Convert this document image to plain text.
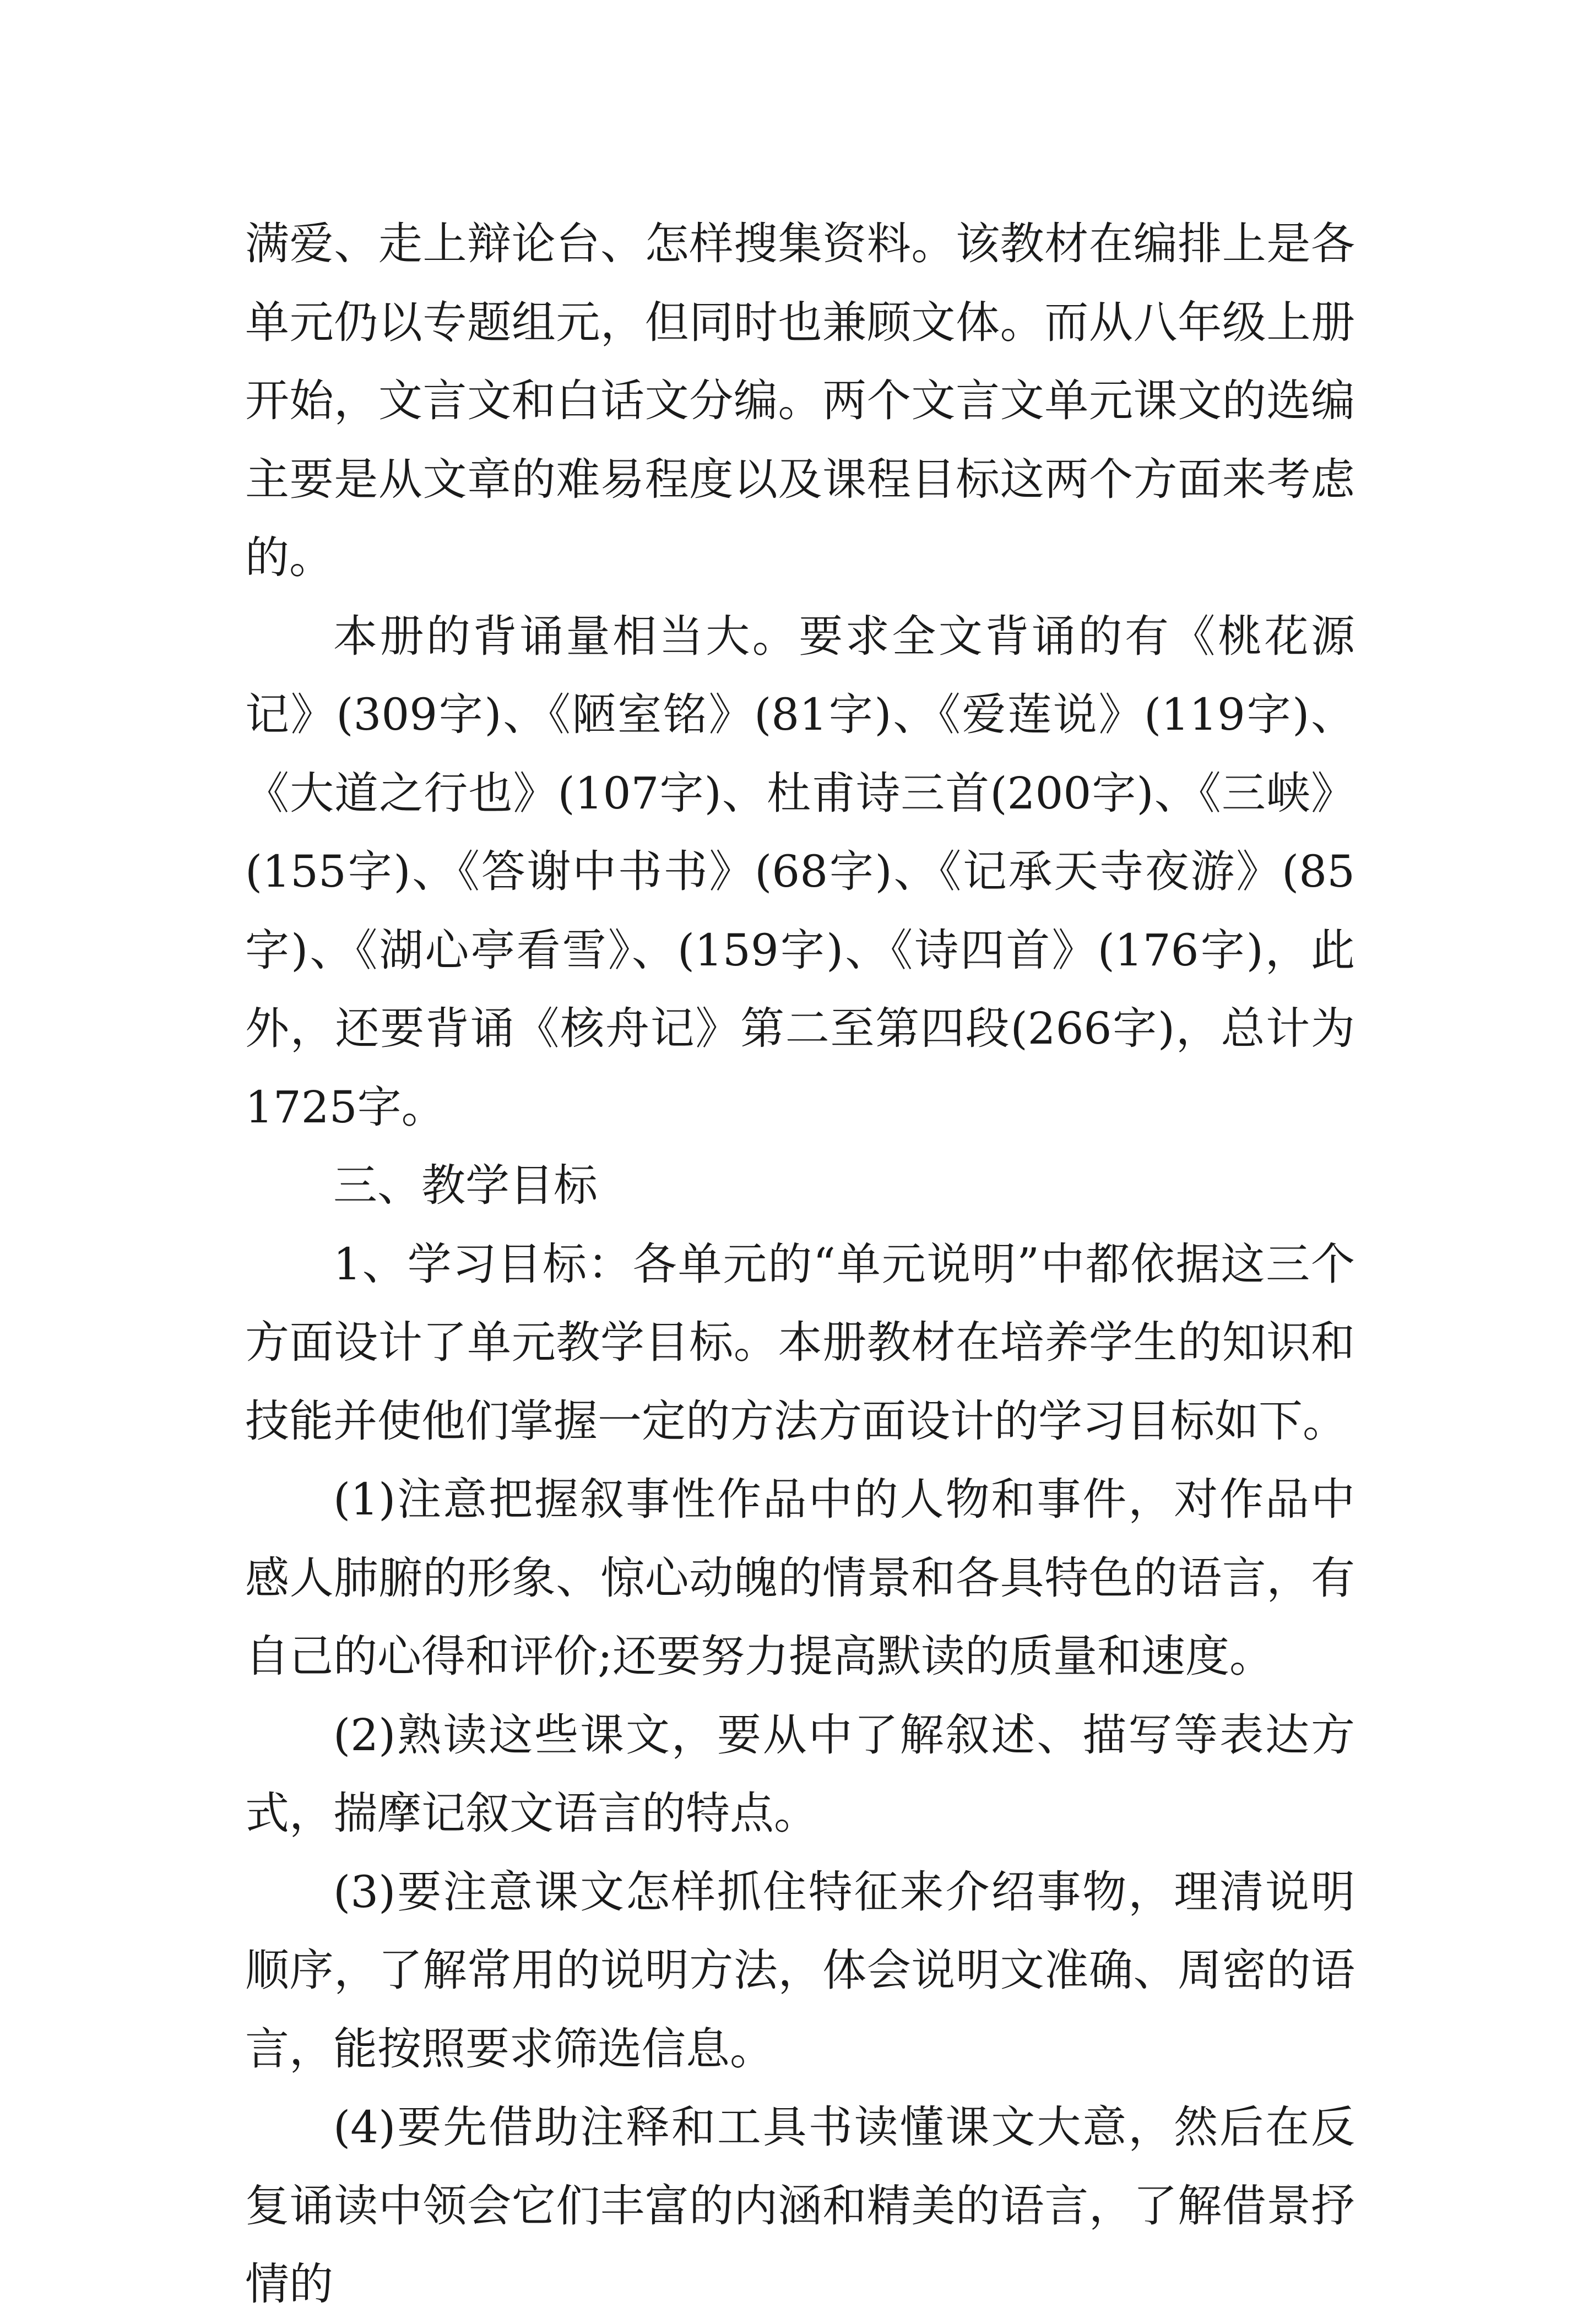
满爱、走上辩论台、怎样搜集资料。该教材在编排上是各单元仍以专题组元，但同时也兼顾文体。而从八年级上册开始，文言文和白话文分编。两个文言文单元课文的选编主要是从文章的难易程度以及课程目标这两个方面来考虑的。

本册的背诵量相当大。要求全文背诵的有《桃花源记》(309字)、《陋室铭》(81字)、《爱莲说》(119字)、《大道之行也》(107字)、杜甫诗三首(200字)、《三峡》(155字)、《答谢中书书》(68字)、《记承天寺夜游》(85字)、《湖心亭看雪》、(159字)、《诗四首》(176字)，此外，还要背诵《核舟记》第二至第四段(266字)，总计为1725字。

三、教学目标

1、学习目标：各单元的“单元说明”中都依据这三个方面设计了单元教学目标。本册教材在培养学生的知识和技能并使他们掌握一定的方法方面设计的学习目标如下。

(1)注意把握叙事性作品中的人物和事件，对作品中感人肺腑的形象、惊心动魄的情景和各具特色的语言，有自己的心得和评价;还要努力提高默读的质量和速度。

(2)熟读这些课文，要从中了解叙述、描写等表达方式，揣摩记叙文语言的特点。

(3)要注意课文怎样抓住特征来介绍事物，理清说明顺序，了解常用的说明方法，体会说明文准确、周密的语言，能按照要求筛选信息。

(4)要先借助注释和工具书读懂课文大意，然后在反复诵读中领会它们丰富的内涵和精美的语言，了解借景抒情的
